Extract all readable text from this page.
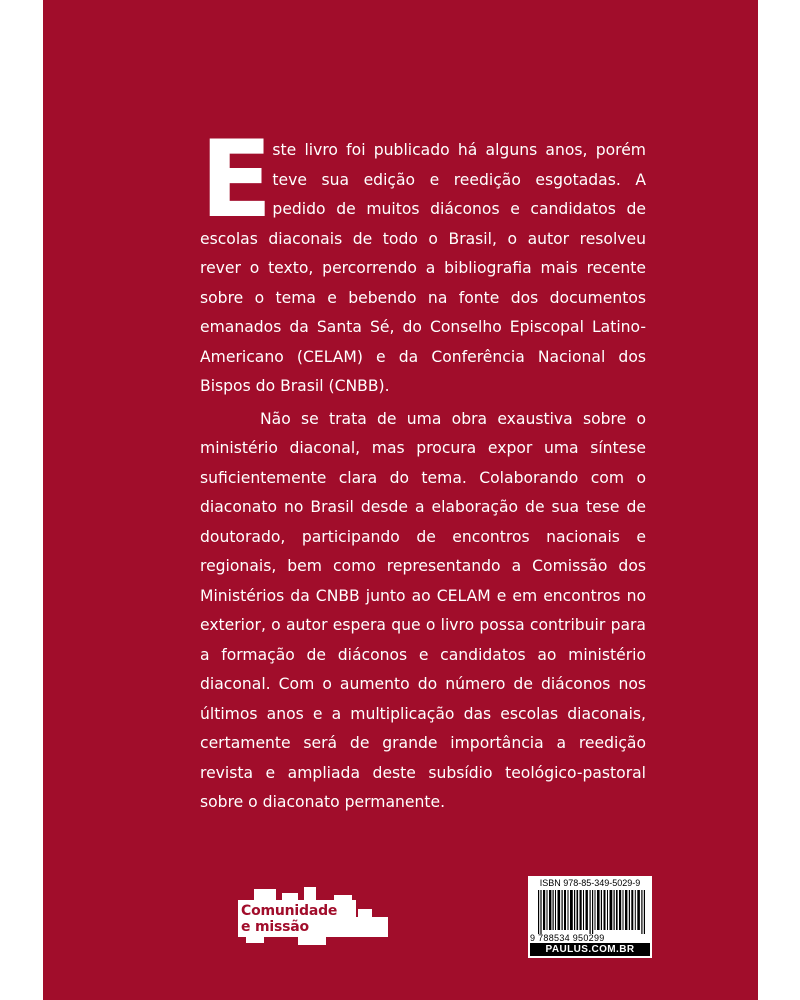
Este livro foi publicado há alguns anos, porém teve sua edição e reedição esgotadas. A pedido de muitos diáconos e candidatos de escolas diaconais de todo o Brasil, o autor resolveu rever o texto, percorrendo a bibliografia mais recente sobre o tema e bebendo na fonte dos documentos emanados da Santa Sé, do Conselho Episcopal Latino-Americano (CELAM) e da Conferência Nacional dos Bispos do Brasil (CNBB).

Não se trata de uma obra exaustiva sobre o ministério diaconal, mas procura expor uma síntese suficientemente clara do tema. Colaborando com o diaconato no Brasil desde a elaboração de sua tese de doutorado, participando de encontros nacionais e regionais, bem como representando a Comissão dos Ministérios da CNBB junto ao CELAM e em encontros no exterior, o autor espera que o livro possa contribuir para a formação de diáconos e candidatos ao ministério diaconal. Com o aumento do número de diáconos nos últimos anos e a multiplicação das escolas diaconais, certamente será de grande importância a reedição revista e ampliada deste subsídio teológico-pastoral sobre o diaconato permanente.

Comunidade
e missão
ISBN 978-85-349-5029-9
9 788534 950299
PAULUS.COM.BR
